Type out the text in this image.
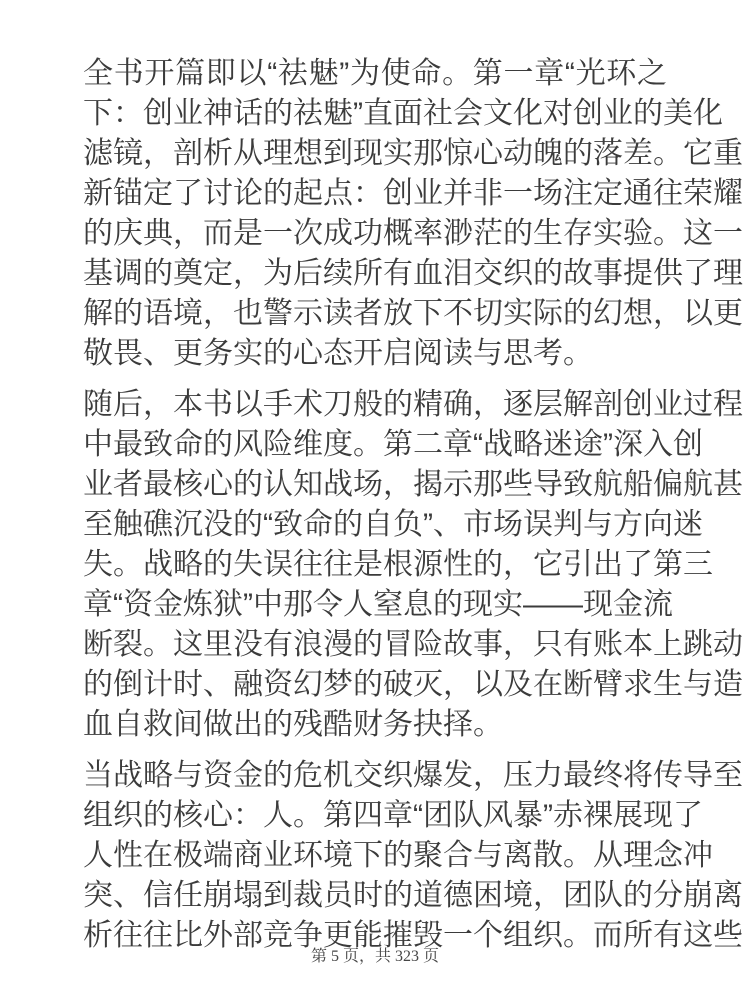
全书开篇即以“祛魅”为使命。第一章“光环之
下：创业神话的祛魅”直面社会文化对创业的美化
滤镜，剖析从理想到现实那惊心动魄的落差。它重
新锚定了讨论的起点：创业并非一场注定通往荣耀
的庆典，而是一次成功概率渺茫的生存实验。这一
基调的奠定，为后续所有血泪交织的故事提供了理
解的语境，也警示读者放下不切实际的幻想，以更
敬畏、更务实的心态开启阅读与思考。
随后，本书以手术刀般的精确，逐层解剖创业过程
中最致命的风险维度。第二章“战略迷途”深入创
业者最核心的认知战场，揭示那些导致航船偏航甚
至触礁沉没的“致命的自负”、市场误判与方向迷
失。战略的失误往往是根源性的，它引出了第三
章“资金炼狱”中那令人窒息的现实——现金流
断裂。这里没有浪漫的冒险故事，只有账本上跳动
的倒计时、融资幻梦的破灭，以及在断臂求生与造
血自救间做出的残酷财务抉择。
当战略与资金的危机交织爆发，压力最终将传导至
组织的核心：人。第四章“团队风暴”赤裸展现了
人性在极端商业环境下的聚合与离散。从理念冲
突、信任崩塌到裁员时的道德困境，团队的分崩离
析往往比外部竞争更能摧毁一个组织。而所有这些
第 5 页，共 323 页
